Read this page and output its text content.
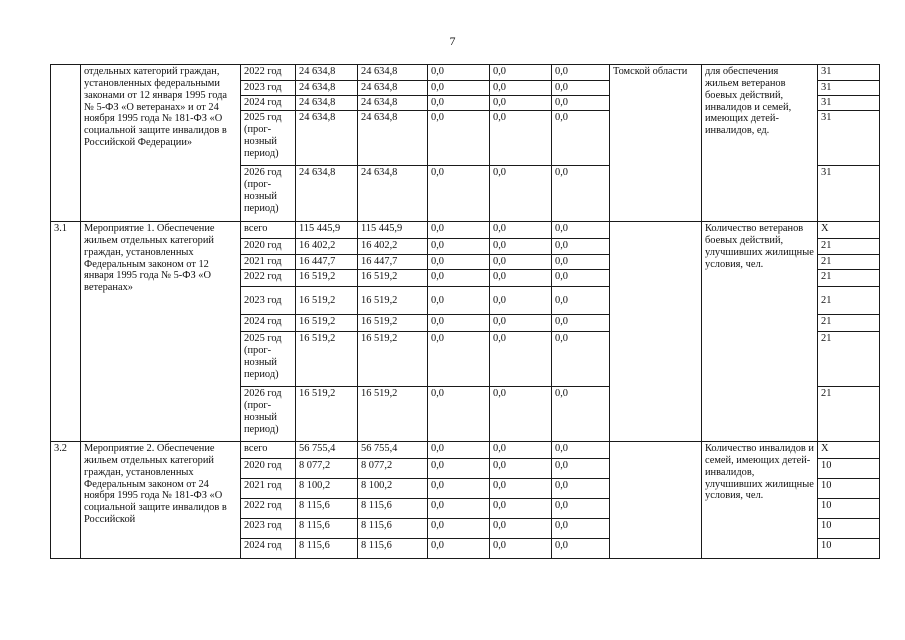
7
	отдельных категорий граждан, установленных федеральными законами от 12 января 1995 года № 5-ФЗ «О ветеранах» и от 24 ноября 1995 года № 181-ФЗ «О социальной защите инвалидов в Российской Федерации»	2022 год	24 634,8	24 634,8	0,0	0,0	0,0	Томской области	для обеспечения жильем ветеранов боевых действий, инвалидов и семей, имеющих детей-инвалидов, ед.	31
		2023 год	24 634,8	24 634,8	0,0	0,0	0,0			31
		2024 год	24 634,8	24 634,8	0,0	0,0	0,0			31
		2025 год (прог-нозный период)	24 634,8	24 634,8	0,0	0,0	0,0			31
		2026 год (прог-нозный период)	24 634,8	24 634,8	0,0	0,0	0,0			31
3.1	Мероприятие 1. Обеспечение жильем отдельных категорий граждан, установленных Федеральным законом от 12 января 1995 года № 5-ФЗ «О ветеранах»	всего	115 445,9	115 445,9	0,0	0,0	0,0		Количество ветеранов боевых действий, улучшивших жилищные условия, чел.	Х
		2020 год	16 402,2	16 402,2	0,0	0,0	0,0			21
		2021 год	16 447,7	16 447,7	0,0	0,0	0,0			21
		2022 год	16 519,2	16 519,2	0,0	0,0	0,0			21
		2023 год	16 519,2	16 519,2	0,0	0,0	0,0			21
		2024 год	16 519,2	16 519,2	0,0	0,0	0,0			21
		2025 год (прог-нозный период)	16 519,2	16 519,2	0,0	0,0	0,0			21
		2026 год (прог-нозный период)	16 519,2	16 519,2	0,0	0,0	0,0			21
3.2	Мероприятие 2. Обеспечение жильем отдельных категорий граждан, установленных Федеральным законом от 24 ноября 1995 года № 181-ФЗ «О социальной защите инвалидов в Российской	всего	56 755,4	56 755,4	0,0	0,0	0,0		Количество инвалидов и семей, имеющих детей-инвалидов, улучшивших жилищные условия, чел.	Х
		2020 год	8 077,2	8 077,2	0,0	0,0	0,0			10
		2021 год	8 100,2	8 100,2	0,0	0,0	0,0			10
		2022 год	8 115,6	8 115,6	0,0	0,0	0,0			10
		2023 год	8 115,6	8 115,6	0,0	0,0	0,0			10
		2024 год	8 115,6	8 115,6	0,0	0,0	0,0			10
